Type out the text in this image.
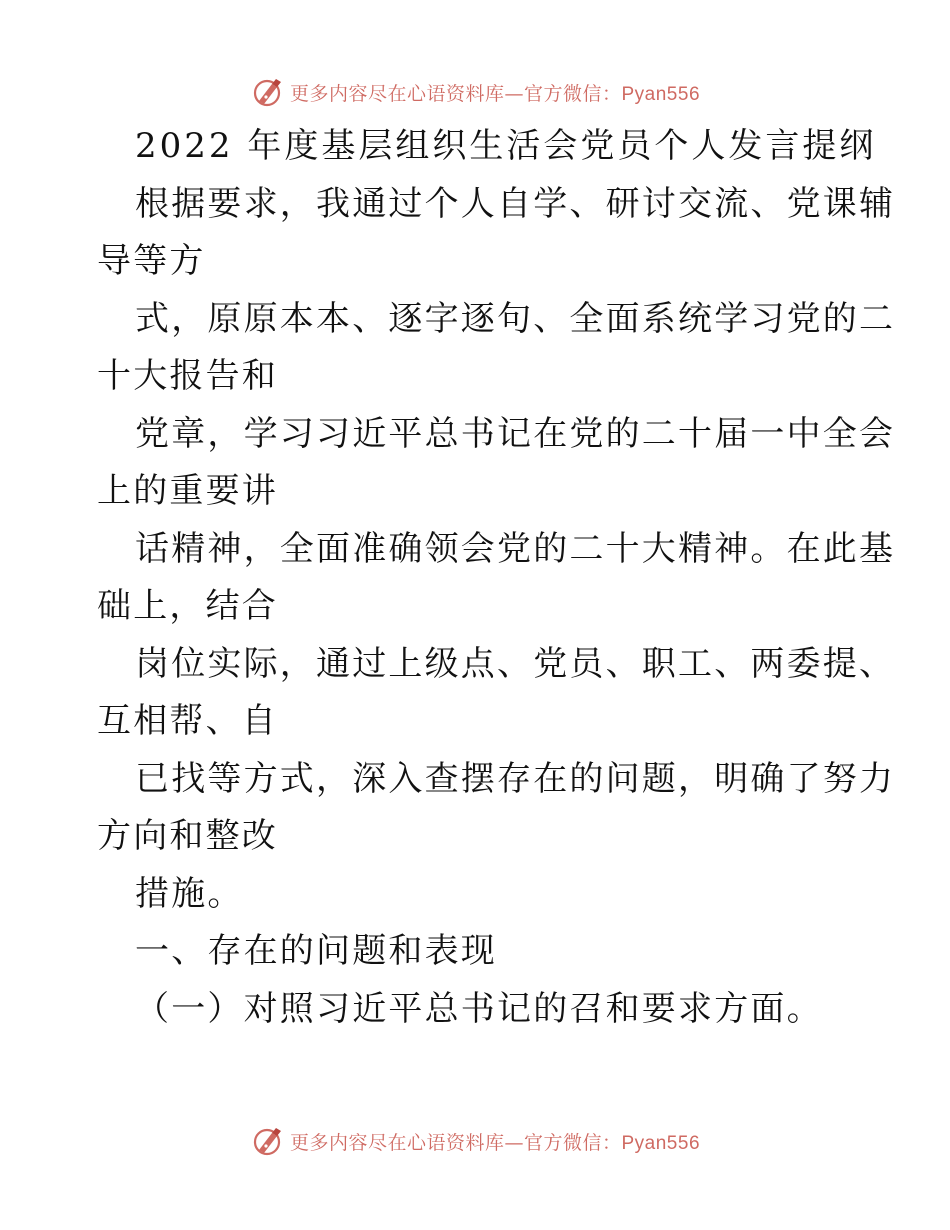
更多内容尽在心语资料库—官方微信：Pyan556
2022 年度基层组织生活会党员个人发言提纲
根据要求，我通过个人自学、研讨交流、党课辅
导等方
式，原原本本、逐字逐句、全面系统学习党的二
十大报告和
党章，学习习近平总书记在党的二十届一中全会
上的重要讲
话精神，全面准确领会党的二十大精神。在此基
础上，结合
岗位实际，通过上级点、党员、职工、两委提、
互相帮、自
已找等方式，深入查摆存在的问题，明确了努力
方向和整改
措施。
一、存在的问题和表现
（一）对照习近平总书记的召和要求方面。
更多内容尽在心语资料库—官方微信：Pyan556
